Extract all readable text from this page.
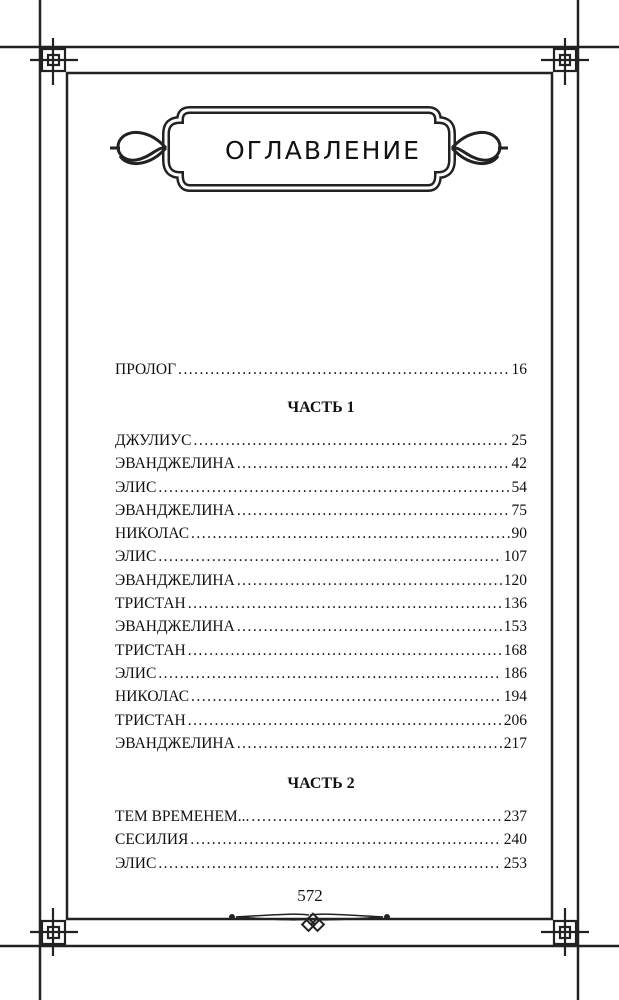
ОГЛАВЛЕНИЕ
ПРОЛОГ . . .	16
ЧАСТЬ 1
ДЖУЛИУС . . .	25
ЭВАНДЖЕЛИНА . . .	42
ЭЛИС . . .	54
ЭВАНДЖЕЛИНА . . .	75
НИКОЛАС . . .	90
ЭЛИС . . .	107
ЭВАНДЖЕЛИНА . . .	120
ТРИСТАН . . .	136
ЭВАНДЖЕЛИНА . . .	153
ТРИСТАН . . .	168
ЭЛИС . . .	186
НИКОЛАС . . .	194
ТРИСТАН . . .	206
ЭВАНДЖЕЛИНА . . .	217
ЧАСТЬ 2
ТЕМ ВРЕМЕНЕМ... . . .	237
СЕСИЛИЯ . . .	240
ЭЛИС . . .	253
572
